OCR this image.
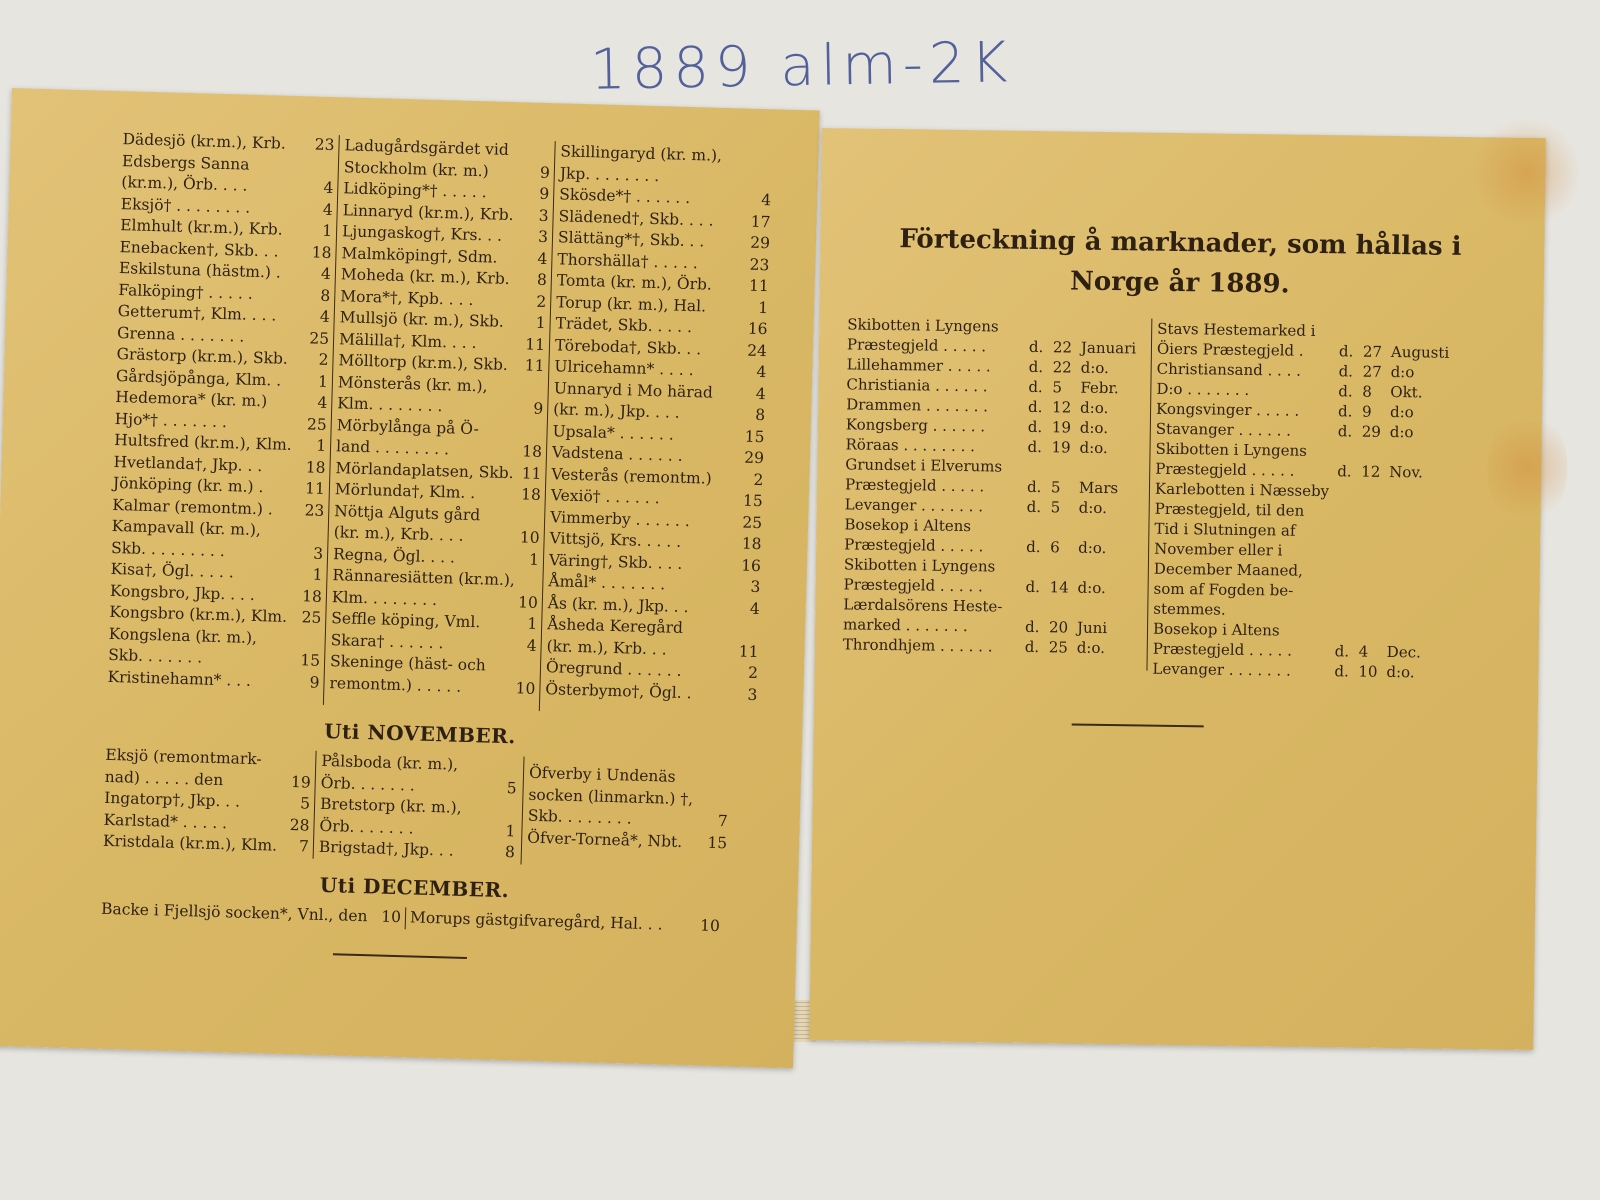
1889 alm-2K
Dädesjö (kr.m.), Krb.	23
Edsbergs Sanna
(kr.m.), Örb. . . .	4
Eksjö† . . . . . . . .	4
Elmhult (kr.m.), Krb.	1
Enebacken†, Skb. . .	18
Eskilstuna (hästm.) .	4
Falköping† . . . . .	8
Getterum†, Klm. . . .	4
Grenna . . . . . . .	25
Grästorp (kr.m.), Skb.	2
Gårdsjöpånga, Klm. .	1
Hedemora* (kr. m.)	4
Hjo*† . . . . . . .	25
Hultsfred (kr.m.), Klm.	1
Hvetlanda†, Jkp. . .	18
Jönköping (kr. m.) .	11
Kalmar (remontm.) .	23
Kampavall (kr. m.),
Skb. . . . . . . . .	3
Kisa†, Ögl. . . . .	1
Kongsbro, Jkp. . . .	18
Kongsbro (kr.m.), Klm. 25
Kongslena (kr. m.),
Skb. . . . . . .	15
Kristinehamn* . . .	9
Ladugårdsgärdet vid
Stockholm (kr. m.)	9
Lidköping*† . . . . .	9
Linnaryd (kr.m.), Krb.	3
Ljungaskog†, Krs. . .	3
Malmköping†, Sdm.	4
Moheda (kr. m.), Krb.	8
Mora*†, Kpb. . . .	2
Mullsjö (kr. m.), Skb.	1
Mälilla†, Klm. . . .	11
Mölltorp (kr.m.), Skb.	11
Mönsterås (kr. m.),
Klm. . . . . . . .	9
Mörbylånga på Ö-
land . . . . . . . .	18
Mörlandaplatsen, Skb. 11
Mörlunda†, Klm. .	18
Nöttja Alguts gård
(kr. m.), Krb. . . .	10
Regna, Ögl. . . .	1
Rännaresiätten (kr.m.),
Klm. . . . . . . .	10
Seffle köping, Vml.	1
Skara† . . . . . .	4
Skeninge (häst- och
remontm.) . . . . .	10
Skillingaryd (kr. m.),
Jkp. . . . . . . .
Skösde*† . . . . . .	4
Slädened†, Skb. . . .	17
Slättäng*†, Skb. . .	29
Thorshälla† . . . . .	23
Tomta (kr. m.), Örb.	11
Torup (kr. m.), Hal.	1
Trädet, Skb. . . . .	16
Töreboda†, Skb. . .	24
Ulricehamn* . . . .	4
Unnaryd i Mo härad	4
(kr. m.), Jkp. . . .	8
Upsala* . . . . . .	15
Vadstena . . . . . .	29
Vesterås (remontm.)	2
Vexiö† . . . . . .	15
Vimmerby . . . . . .	25
Vittsjö, Krs. . . . .	18
Väring†, Skb. . . .	16
Åmål* . . . . . . .	3
Ås (kr. m.), Jkp. . .	4
Åsheda Keregård
(kr. m.), Krb. . .	11
Öregrund . . . . . .	2
Österbymo†, Ögl. .	3
Uti NOVEMBER.
Eksjö (remontmark-
nad) . . . . . den	19
Ingatorp†, Jkp. . .	5
Karlstad* . . . . .	28
Kristdala (kr.m.), Klm.	7
Pålsboda (kr. m.),
Örb. . . . . . .	5
Bretstorp (kr. m.),
Örb. . . . . . .	1
Brigstad†, Jkp. . .	8
Öfverby i Undenäs
socken (linmarkn.) †,
Skb. . . . . . . .	7
Öfver-Torneå*, Nbt.	15
Uti DECEMBER.
Backe i Fjellsjö socken*, Vnl., den 10 Morups gästgifvaregård, Hal. . .	10
Förteckning å marknader, som hållas i Norge år 1889.
Skibotten i Lyngens
Præstegjeld . . . . .	d. 22 Januari
Lillehammer . . . . .	d. 22 d:o.
Christiania . . . . . .	d. 5	Febr.
Drammen . . . . . . .	d. 12 d:o.
Kongsberg . . . . . .	d. 19 d:o.
Röraas . . . . . . . .	d. 19 d:o.
Grundset i Elverums
Præstegjeld . . . . .	d. 5	Mars
Levanger . . . . . . .	d. 5	d:o.
Bosekop i Altens
Præstegjeld . . . . .	d. 6	d:o.
Skibotten i Lyngens
Præstegjeld . . . . .	d. 14 d:o.
Lærdalsörens Heste-
marked . . . . . . .	d. 20 Juni
Throndhjem . . . . . .	d. 25 d:o.
Stavs Hestemarked i
Öiers Præstegjeld .	d. 27 Augusti
Christiansand . . . .	d. 27 d:o
D:o . . . . . . .	d. 8	Okt.
Kongsvinger . . . . .	d. 9	d:o
Stavanger . . . . . .	d. 29 d:o
Skibotten i Lyngens
Præstegjeld . . . . .	d. 12 Nov.
Karlebotten i Næsseby
Præstegjeld, til den
Tid i Slutningen af
November eller i
December Maaned,
som af Fogden be-
stemmes.
Bosekop i Altens
Præstegjeld . . . . .	d. 4	Dec.
Levanger . . . . . . .	d. 10 d:o.
